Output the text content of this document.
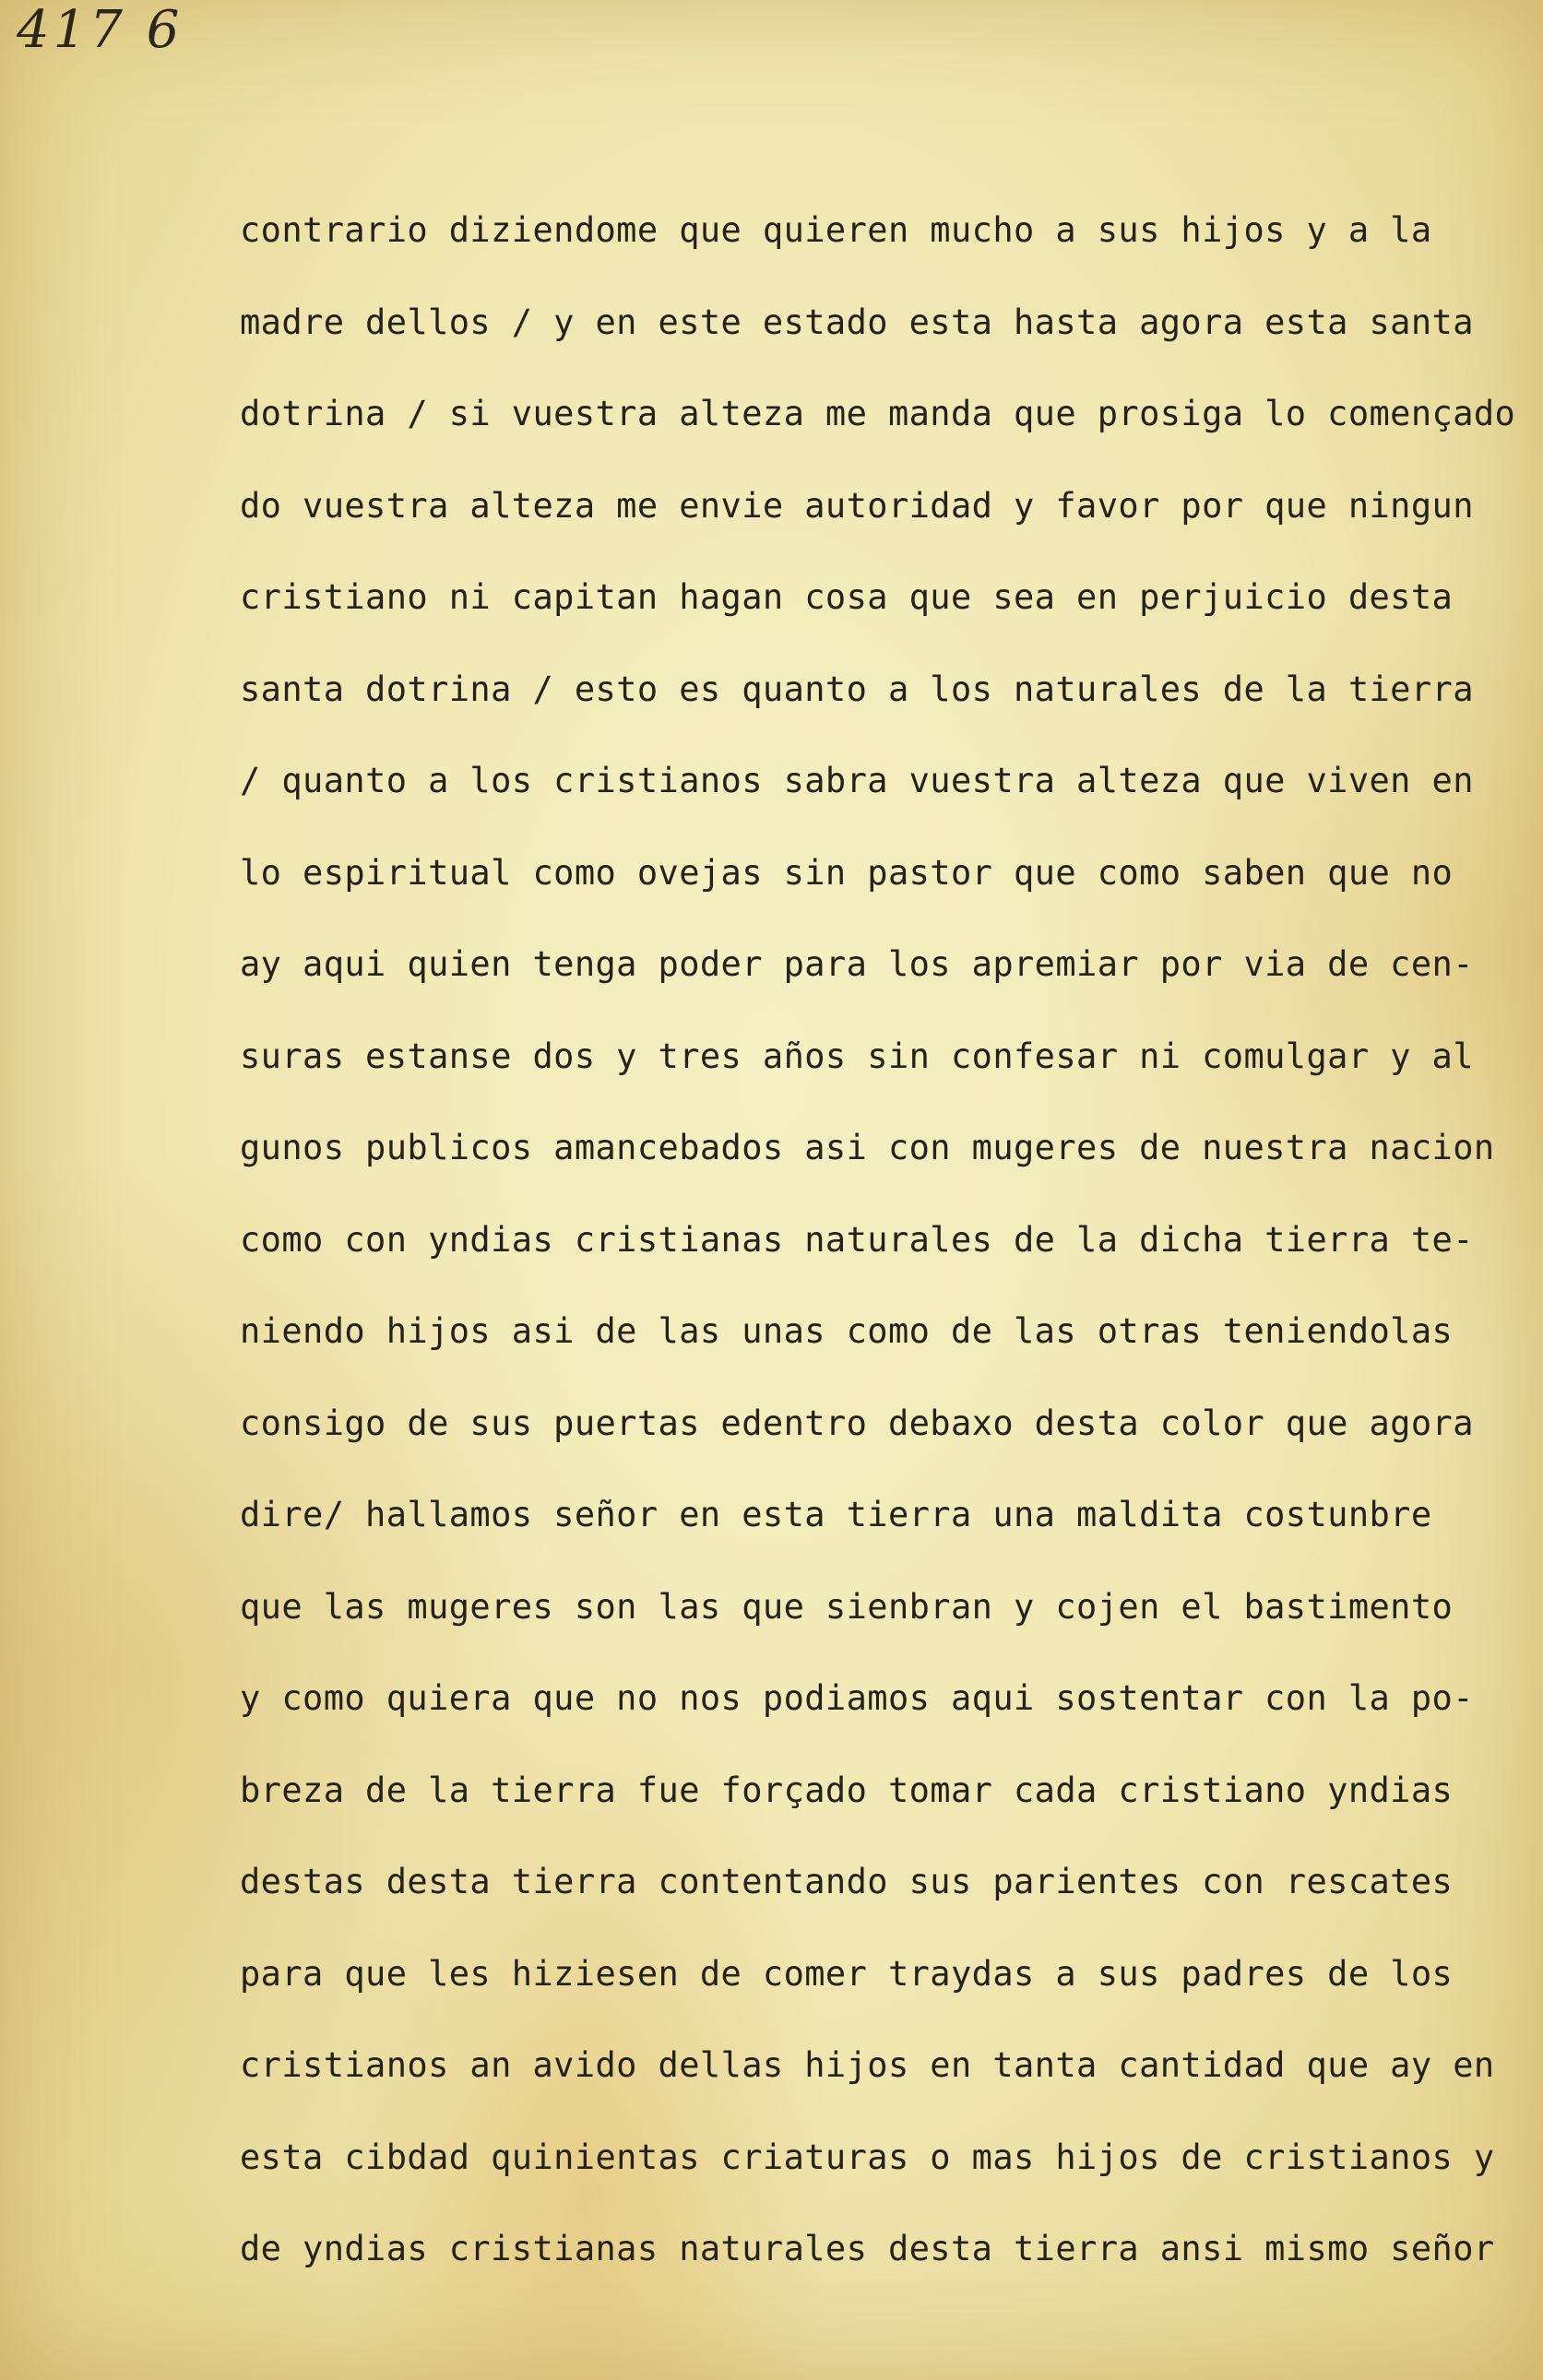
417 6
contrario diziendome que quieren mucho a sus hijos y a la
madre dellos / y en este estado esta hasta agora esta santa
dotrina / si vuestra alteza me manda que prosiga lo començado
do vuestra alteza me envie autoridad y favor por que ningun
cristiano ni capitan hagan cosa que sea en perjuicio desta
santa dotrina / esto es quanto a los naturales de la tierra
/ quanto a los cristianos sabra vuestra alteza que viven en
lo espiritual como ovejas sin pastor que como saben que no
ay aqui quien tenga poder para los apremiar por via de cen-
suras estanse dos y tres años sin confesar ni comulgar y al
gunos publicos amancebados asi con mugeres de nuestra nacion
como con yndias cristianas naturales de la dicha tierra te-
niendo hijos asi de las unas como de las otras teniendolas
consigo de sus puertas edentro debaxo desta color que agora
dire/ hallamos señor en esta tierra una maldita costunbre
que las mugeres son las que sienbran y cojen el bastimento
y como quiera que no nos podiamos aqui sostentar con la po-
breza de la tierra fue forçado tomar cada cristiano yndias
destas desta tierra contentando sus parientes con rescates
para que les hiziesen de comer traydas a sus padres de los
cristianos an avido dellas hijos en tanta cantidad que ay en
esta cibdad quinientas criaturas o mas hijos de cristianos y
de yndias cristianas naturales desta tierra ansi mismo señor
